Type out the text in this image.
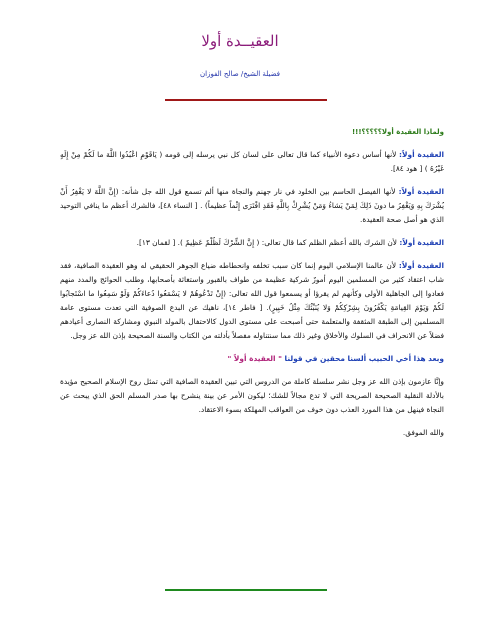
العقيــدة أولا
فضيلة الشيخ/ صالح الفوزان

ولماذا العقيدة أولا؟؟؟؟؟!!!

العقيدة أولاً: لأنها أساس دعوة الأنبياء كما قال تعالى على لسان كل نبي يرسله إلى قومه ( يَاقَوْمِ اعْبُدُوا اللَّهَ ما لَكُمْ مِنْ إِلَهٍ غَيْرُهُ ) [ هود ٨٤].

العقيدة أولاً: لأنها الفيصل الحاسم بين الخلود في نار جهنم والنجاة منها ألم تسمع قول الله جل شأنه: (إِنَّ اللَّهَ لا يَغْفِرُ أَنْ يُشْرَكَ بِهِ وَيَغْفِرُ ما دونَ ذَلِكَ لِمَنْ يَشاءُ وَمَنْ يُشْرِكْ بِاللَّهِ فَقَدِ افْتَرَى إِثْماً عظيماً) . [ النساء ٤٨]، فالشرك أعظم ما ينافي التوحيد الذي هو أصل صحة العقيدة.

العقيدة أولاً: لأن الشرك بالله أعظم الظلم كما قال تعالى: ( إِنَّ الشِّرْكَ لَظُلْمٌ عَظِيمٌ ). [ لقمان ١٣].

العقيدة أولاً: لأن عالمنا الإسلامي اليوم إنما كان سبب تخلفه وانحطاطه ضياع الجوهر الحقيقي له وهو العقيدة الصافية، فقد شاب اعتقاد كثير من المسلمين اليوم أمورٌ شركية عظيمة من طواف بالقبور واستغاثة بأصحابها، وطلب الحوائج والمدد منهم فعادوا إلى الجاهلية الأولى وكأنهم لم يقرؤا أو يسمعوا قول الله تعالى: (إِنْ تَدْعُوهُمْ لا يَسْمَعُوا دُعاءَكُمْ وَلَوْ سَمِعُوا ما اسْتَجابُوا لَكُمْ وَيَوْمَ القِيامَةِ يَكْفُرُونَ بِشِرْكِكُمْ وَلا يُنَبِّئُكَ مِثْلُ خَبِيرٍ). [ فاطر ١٤]، ناهيك عن البدع الصوفية التي تعدت مستوى عامة المسلمين إلى الطبقة المثقفة والمتعلمة حتى أصبحت على مستوى الدول كالاحتفال بالمولد النبوي ومشاركة النصارى أعيادهم فضلاً عن الانحراف في السلوك والأخلاق وغير ذلك مما سنتناوله مفصلاً بأدلته من الكتاب والسنة الصحيحة بإذن الله عز وجل.

وبعد هذا أخي الحبيب ألسنا محقين في قولنا " العقيدة أولاً "

وإنَّا عازمون بإذن الله عز وجل نشر سلسلة كاملة من الدروس التي تبين العقيدة الصافية التي تمثل روح الإسلام الصحيح مؤيدة بالأدلة النقلية الصحيحة الصريحة التي لا تدع مجالاً للشك؛ ليكون الأمر عن بينة ينشرح بها صدر المسلم الحق الذي يبحث عن النجاة فينهل من هذا المورد العذب دون خوف من العواقب المهلكة بسوء الاعتقاد.

والله الموفق.
